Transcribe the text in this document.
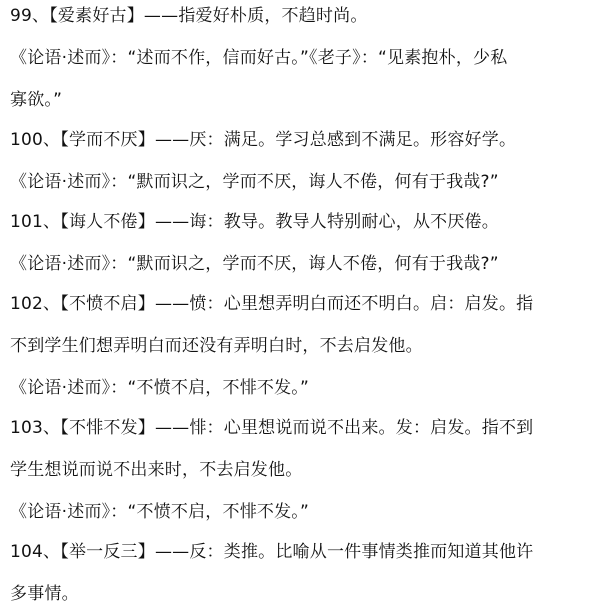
99、【爱素好古】——指爱好朴质，不趋时尚。
《论语·述而》：“述而不作，信而好古。”《老子》：“见素抱朴，少私
寡欲。”
100、【学而不厌】——厌：满足。学习总感到不满足。形容好学。
《论语·述而》：“默而识之，学而不厌，诲人不倦，何有于我哉?”
101、【诲人不倦】——诲：教导。教导人特别耐心，从不厌倦。
《论语·述而》：“默而识之，学而不厌，诲人不倦，何有于我哉?”
102、【不愤不启】——愤：心里想弄明白而还不明白。启：启发。指
不到学生们想弄明白而还没有弄明白时，不去启发他。
《论语·述而》：“不愤不启，不悱不发。”
103、【不悱不发】——悱：心里想说而说不出来。发：启发。指不到
学生想说而说不出来时，不去启发他。
《论语·述而》：“不愤不启，不悱不发。”
104、【举一反三】——反：类推。比喻从一件事情类推而知道其他许
多事情。
